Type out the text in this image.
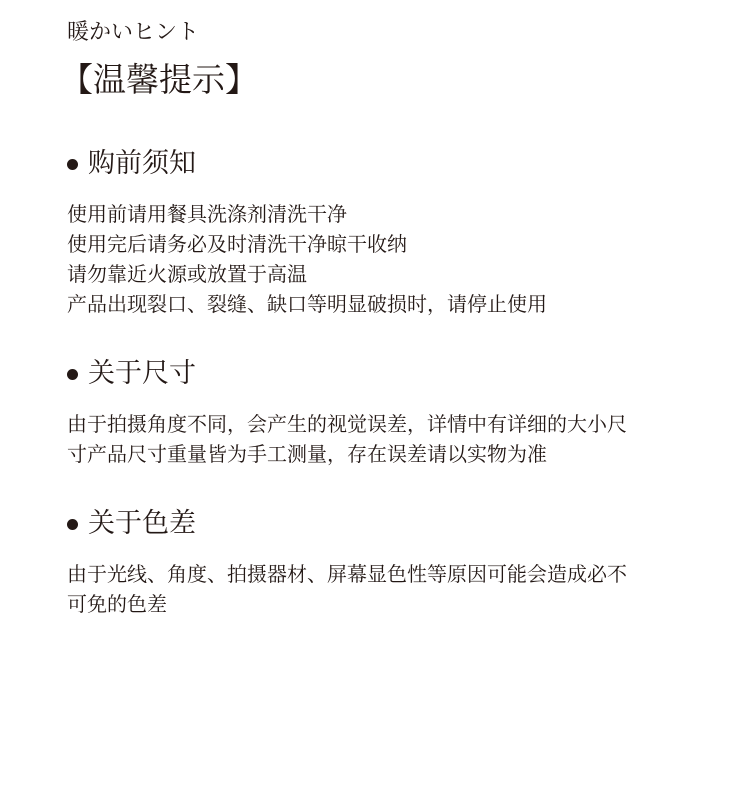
暖かいヒント
【温馨提示】
购前须知
使用前请用餐具洗涤剂清洗干净
使用完后请务必及时清洗干净晾干收纳
请勿靠近火源或放置于高温
产品出现裂口、裂缝、缺口等明显破损时，请停止使用
关于尺寸
由于拍摄角度不同，会产生的视觉误差，详情中有详细的大小尺
寸产品尺寸重量皆为手工测量，存在误差请以实物为准
关于色差
由于光线、角度、拍摄器材、屏幕显色性等原因可能会造成必不
可免的色差
